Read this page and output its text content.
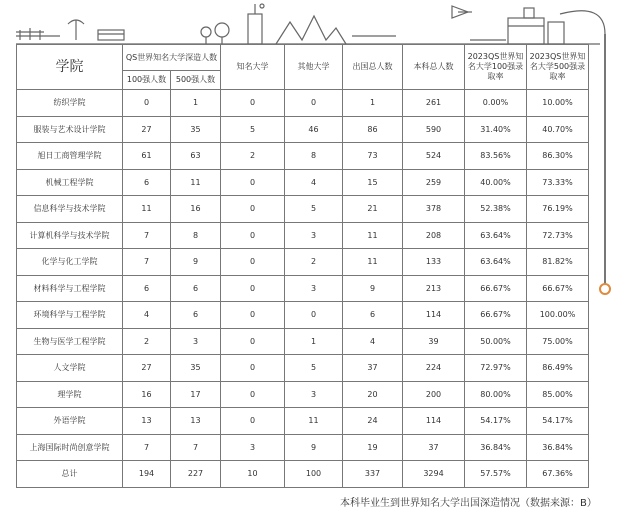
学院	QS世界知名大学深造人数		知名大学	其他大学	出国总人数	本科总人数	2023QS世界知名大学100强录取率	2023QS世界知名大学500强录取率
	100强人数	500强人数						
纺织学院	0	1	0	0	1	261	0.00%	10.00%
服装与艺术设计学院	27	35	5	46	86	590	31.40%	40.70%
旭日工商管理学院	61	63	2	8	73	524	83.56%	86.30%
机械工程学院	6	11	0	4	15	259	40.00%	73.33%
信息科学与技术学院	11	16	0	5	21	378	52.38%	76.19%
计算机科学与技术学院	7	8	0	3	11	208	63.64%	72.73%
化学与化工学院	7	9	0	2	11	133	63.64%	81.82%
材料科学与工程学院	6	6	0	3	9	213	66.67%	66.67%
环境科学与工程学院	4	6	0	0	6	114	66.67%	100.00%
生物与医学工程学院	2	3	0	1	4	39	50.00%	75.00%
人文学院	27	35	0	5	37	224	72.97%	86.49%
理学院	16	17	0	3	20	200	80.00%	85.00%
外语学院	13	13	0	11	24	114	54.17%	54.17%
上海国际时尚创意学院	7	7	3	9	19	37	36.84%	36.84%
总计	194	227	10	100	337	3294	57.57%	67.36%
本科毕业生到世界知名大学出国深造情况（数据来源：B）
